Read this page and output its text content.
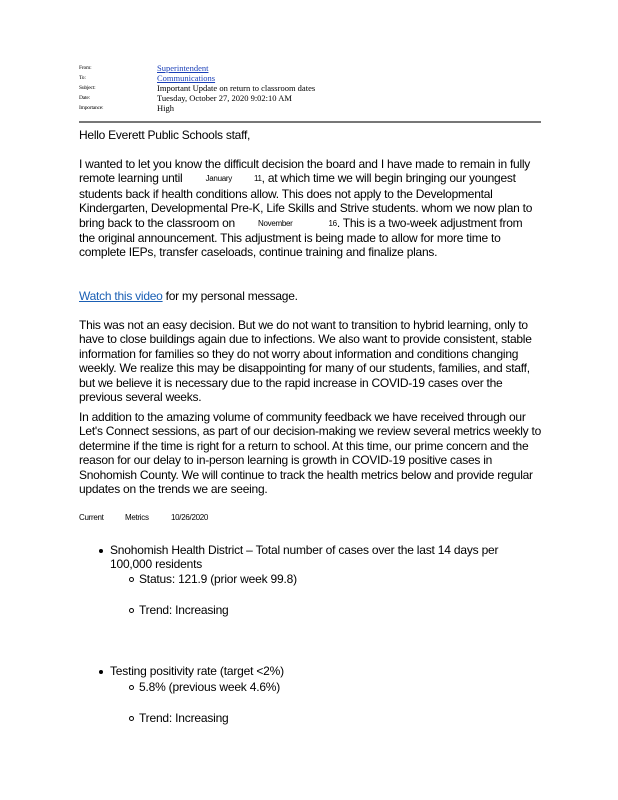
From:	Superintendent
To:	Communications
Subject:	Important Update on return to classroom dates
Date:	Tuesday, October 27, 2020 9:02:10 AM
Importance:	High
Hello Everett Public Schools staff,

I wanted to let you know the difficult decision the board and I have made to remain in fully remote learning until	January	11, at which time we will begin bringing our youngest students back if health conditions allow. This does not apply to the Developmental Kindergarten, Developmental Pre-K, Life Skills and Strive students. whom we now plan to bring back to the classroom on	November	16. This is a two-week adjustment from the original announcement. This adjustment is being made to allow for more time to complete IEPs, transfer caseloads, continue training and finalize plans.

Watch this video for my personal message.
This was not an easy decision. But we do not want to transition to hybrid learning, only to have to close buildings again due to infections. We also want to provide consistent, stable information for families so they do not worry about information and conditions changing weekly. We realize this may be disappointing for many of our students, families, and staff, but we believe it is necessary due to the rapid increase in COVID-19 cases over the previous several weeks.
In addition to the amazing volume of community feedback we have received through our Let's Connect sessions, as part of our decision-making we review several metrics weekly to determine if the time is right for a return to school. At this time, our prime concern and the reason for our delay to in-person learning is growth in COVID-19 positive cases in Snohomish County. We will continue to track the health metrics below and provide regular updates on the trends we are seeing.
Current	Metrics	10/26/2020
Snohomish Health District – Total number of cases over the last 14 days per 100,000 residents
Status: 121.9 (prior week 99.8)
Trend: Increasing
Testing positivity rate (target <2%)
5.8% (previous week 4.6%)
Trend: Increasing
